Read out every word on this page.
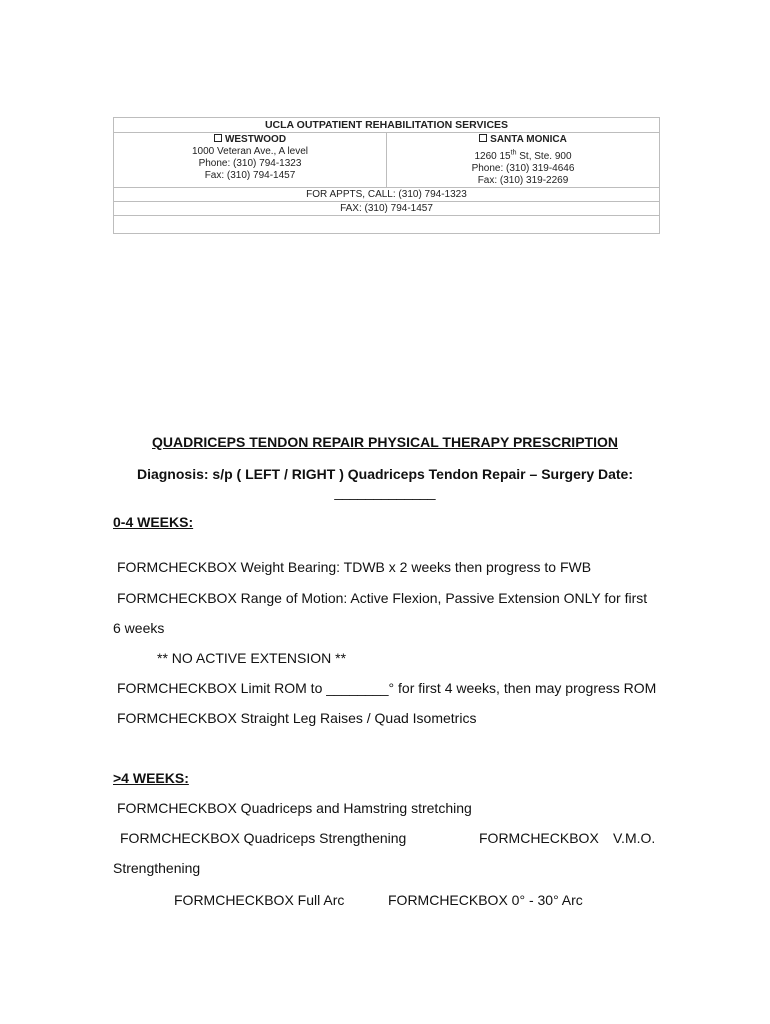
UCLA OUTPATIENT REHABILITATION SERVICES
WESTWOOD
1000 Veteran Ave., A level
Phone: (310) 794-1323
Fax: (310) 794-1457
SANTA MONICA
1260 15th St, Ste. 900
Phone: (310) 319-4646
Fax: (310) 319-2269
FOR APPTS, CALL: (310) 794-1323
FAX: (310) 794-1457
QUADRICEPS TENDON REPAIR PHYSICAL THERAPY PRESCRIPTION
Diagnosis: s/p ( LEFT / RIGHT ) Quadriceps Tendon Repair – Surgery Date:
_____________
0-4 WEEKS:
FORMCHECKBOX Weight Bearing: TDWB x 2 weeks then progress to FWB
FORMCHECKBOX Range of Motion: Active Flexion, Passive Extension ONLY for first
6 weeks
** NO ACTIVE EXTENSION **
FORMCHECKBOX Limit ROM to ________° for first 4 weeks, then may progress ROM
FORMCHECKBOX Straight Leg Raises / Quad Isometrics
>4 WEEKS:
FORMCHECKBOX Quadriceps and Hamstring stretching
FORMCHECKBOX Quadriceps Strengthening	FORMCHECKBOX V.M.O.
Strengthening
FORMCHECKBOX Full Arc	FORMCHECKBOX 0° - 30° Arc
